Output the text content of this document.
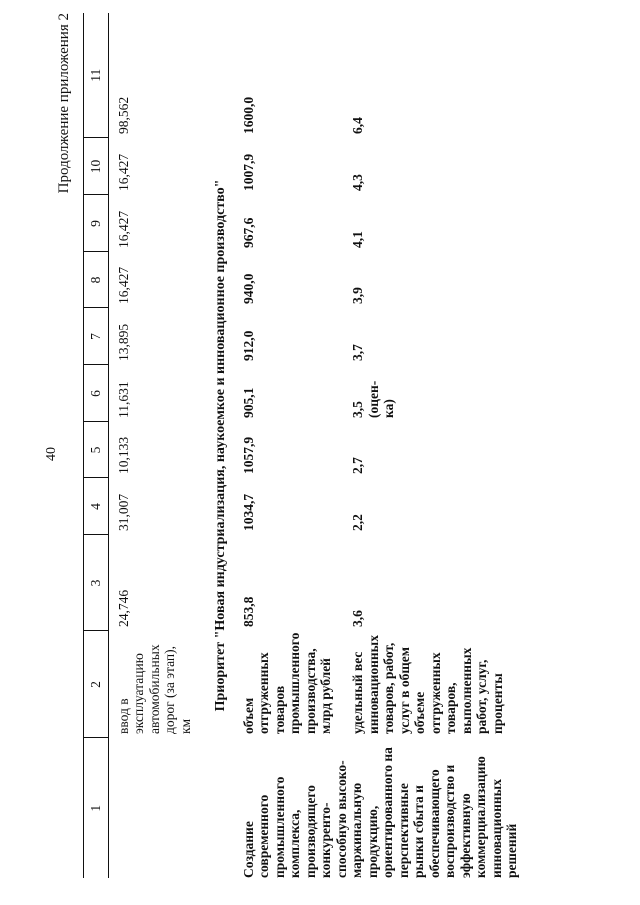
40
Продолжение приложения 2
1	2	3	4	5	6	7	8	9	10	11
	ввод в эксплуатацию автомобильных дорог (за этап), км	24,746	31,007	10,133	11,631	13,895	16,427	16,427	16,427	98,562
Приоритет "Новая индустриализация, наукоемкое и инновационное производство"										
Создание современного промышленного комплекса, производящего конкуренто-способную высоко-маржинальную продукцию, ориентированного на перспективные рынки сбыта и обеспечивающего воспроизводство и эффективную коммерциализацию инновационных решений	объем отгруженных товаров промышленного производства, млрд рублей	853,8	1034,7	1057,9	905,1	912,0	940,0	967,6	1007,9	1600,0
	удельный вес инновационных товаров, работ, услуг в общем объеме отгруженных товаров, выполненных работ, услуг, проценты	3,6	2,2	2,7	3,5 (оцен-ка)	3,7	3,9	4,1	4,3	6,4
